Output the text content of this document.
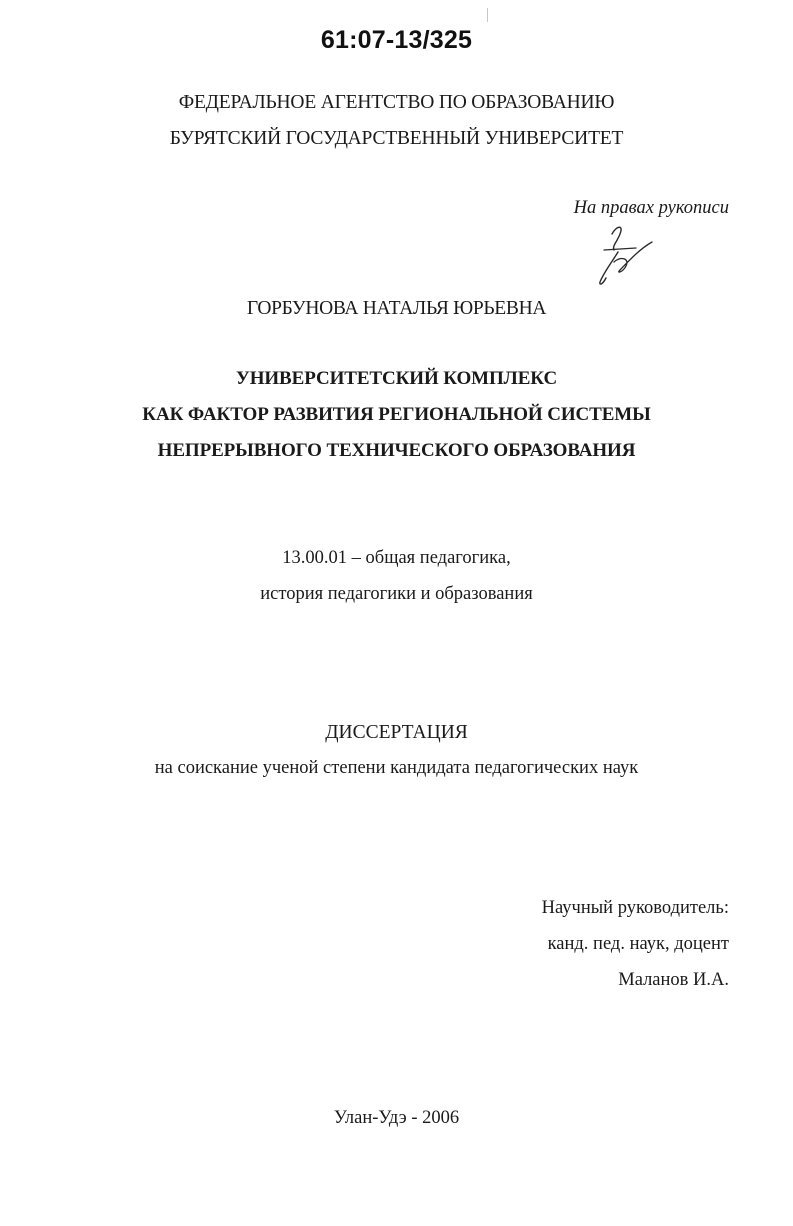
61:07-13/325
ФЕДЕРАЛЬНОЕ АГЕНТСТВО ПО ОБРАЗОВАНИЮ
БУРЯТСКИЙ ГОСУДАРСТВЕННЫЙ УНИВЕРСИТЕТ
На правах рукописи
ГОРБУНОВА НАТАЛЬЯ ЮРЬЕВНА
УНИВЕРСИТЕТСКИЙ КОМПЛЕКС
КАК ФАКТОР РАЗВИТИЯ РЕГИОНАЛЬНОЙ СИСТЕМЫ
НЕПРЕРЫВНОГО ТЕХНИЧЕСКОГО ОБРАЗОВАНИЯ
13.00.01 – общая педагогика,
история педагогики и образования
ДИССЕРТАЦИЯ
на соискание ученой степени кандидата педагогических наук
Научный руководитель:
канд. пед. наук, доцент
Маланов И.А.
Улан-Удэ - 2006
